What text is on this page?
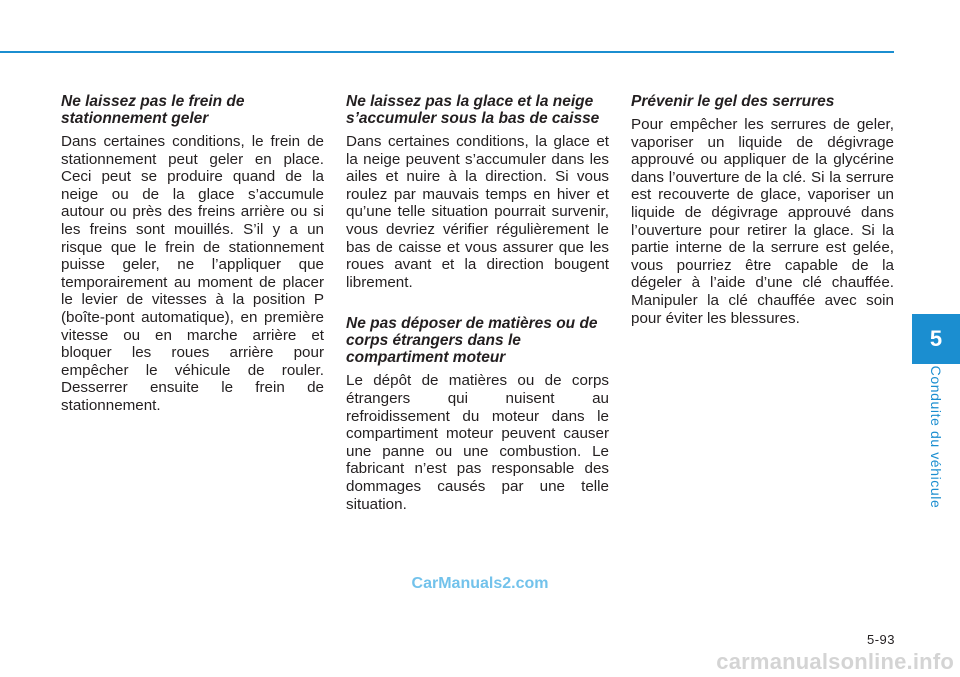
Ne laissez pas le frein de stationnement geler

Dans certaines conditions, le frein de stationnement peut geler en place. Ceci peut se produire quand de la neige ou de la glace s’accumule autour ou près des freins arrière ou si les freins sont mouillés. S’il y a un risque que le frein de stationnement puisse geler, ne l’appliquer que temporairement au moment de placer le levier de vitesses à la position P (boîte-pont automatique), en première vitesse ou en marche arrière et bloquer les roues arrière pour empêcher le véhicule de rouler. Desserrer ensuite le frein de stationnement.

Ne laissez pas la glace et la neige s’accumuler sous la bas de caisse

Dans certaines conditions, la glace et la neige peuvent s’accumuler dans les ailes et nuire à la direction. Si vous roulez par mauvais temps en hiver et qu’une telle situation pourrait survenir, vous devriez vérifier régulièrement le bas de caisse et vous assurer que les roues avant et la direction bougent librement.

Ne pas déposer de matières ou de corps étrangers dans le compartiment moteur

Le dépôt de matières ou de corps étrangers qui nuisent au refroidissement du moteur dans le compartiment moteur peuvent causer une panne ou une combustion. Le fabricant n’est pas responsable des dommages causés par une telle situation.

Prévenir le gel des serrures

Pour empêcher les serrures de geler, vaporiser un liquide de dégivrage approuvé ou appliquer de la glycérine dans l’ouverture de la clé. Si la serrure est recouverte de glace, vaporiser un liquide de dégivrage approuvé dans l’ouverture pour retirer la glace. Si la partie interne de la serrure est gelée, vous pourriez être capable de la dégeler à l’aide d’une clé chauffée. Manipuler la clé chauffée avec soin pour éviter les blessures.

5
Conduite du véhicule
5-93
CarManuals2.com
carmanualsonline.info
